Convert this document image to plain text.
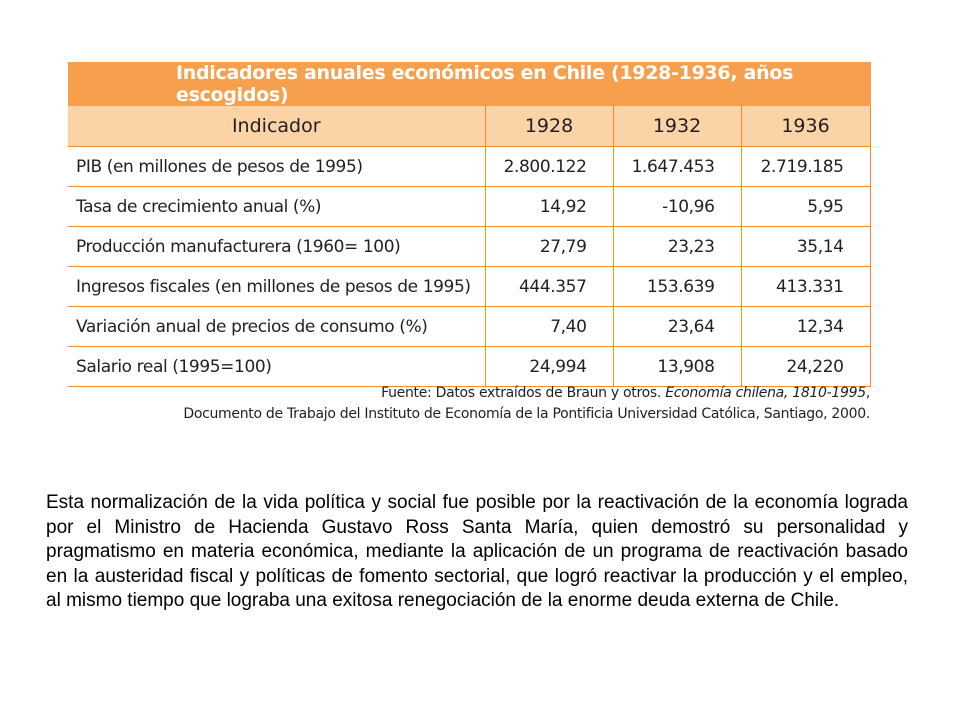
Indicadores anuales económicos en Chile (1928-1936, años escogidos)			
Indicador	1928	1932	1936
PIB (en millones de pesos de 1995)	2.800.122	1.647.453	2.719.185
Tasa de crecimiento anual (%)	14,92	-10,96	5,95
Producción manufacturera (1960= 100)	27,79	23,23	35,14
Ingresos fiscales (en millones de pesos de 1995)	444.357	153.639	413.331
Variación anual de precios de consumo (%)	7,40	23,64	12,34
Salario real (1995=100)	24,994	13,908	24,220
Fuente: Datos extraídos de Braun y otros. Economía chilena, 1810-1995,
Documento de Trabajo del Instituto de Economía de la Pontificia Universidad Católica, Santiago, 2000.

Esta normalización de la vida política y social fue posible por la reactivación de la economía lograda por el Ministro de Hacienda Gustavo Ross Santa María, quien demostró su personalidad y pragmatismo en materia económica, mediante la aplicación de un programa de reactivación basado en la austeridad fiscal y políticas de fomento sectorial, que logró reactivar la producción y el empleo, al mismo tiempo que lograba una exitosa renegociación de la enorme deuda externa de Chile.
